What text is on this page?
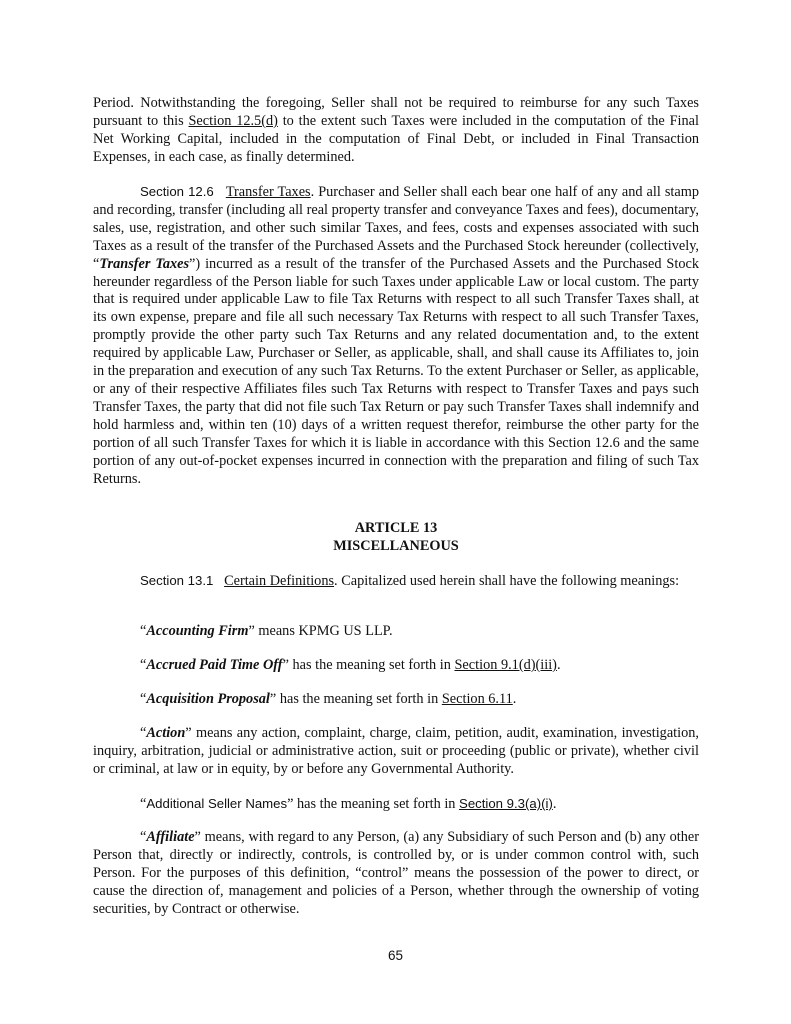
Period. Notwithstanding the foregoing, Seller shall not be required to reimburse for any such Taxes pursuant to this Section 12.5(d) to the extent such Taxes were included in the computation of the Final Net Working Capital, included in the computation of Final Debt, or included in Final Transaction Expenses, in each case, as finally determined.

Section 12.6 Transfer Taxes. Purchaser and Seller shall each bear one half of any and all stamp and recording, transfer (including all real property transfer and conveyance Taxes and fees), documentary, sales, use, registration, and other such similar Taxes, and fees, costs and expenses associated with such Taxes as a result of the transfer of the Purchased Assets and the Purchased Stock hereunder (collectively, “Transfer Taxes”) incurred as a result of the transfer of the Purchased Assets and the Purchased Stock hereunder regardless of the Person liable for such Taxes under applicable Law or local custom. The party that is required under applicable Law to file Tax Returns with respect to all such Transfer Taxes shall, at its own expense, prepare and file all such necessary Tax Returns with respect to all such Transfer Taxes, promptly provide the other party such Tax Returns and any related documentation and, to the extent required by applicable Law, Purchaser or Seller, as applicable, shall, and shall cause its Affiliates to, join in the preparation and execution of any such Tax Returns. To the extent Purchaser or Seller, as applicable, or any of their respective Affiliates files such Tax Returns with respect to Transfer Taxes and pays such Transfer Taxes, the party that did not file such Tax Return or pay such Transfer Taxes shall indemnify and hold harmless and, within ten (10) days of a written request therefor, reimburse the other party for the portion of all such Transfer Taxes for which it is liable in accordance with this Section 12.6 and the same portion of any out-of-pocket expenses incurred in connection with the preparation and filing of such Tax Returns.

ARTICLE 13
MISCELLANEOUS

Section 13.1 Certain Definitions. Capitalized used herein shall have the following meanings:

“Accounting Firm” means KPMG US LLP.

“Accrued Paid Time Off” has the meaning set forth in Section 9.1(d)(iii).

“Acquisition Proposal” has the meaning set forth in Section 6.11.

“Action” means any action, complaint, charge, claim, petition, audit, examination, investigation, inquiry, arbitration, judicial or administrative action, suit or proceeding (public or private), whether civil or criminal, at law or in equity, by or before any Governmental Authority.

“Additional Seller Names” has the meaning set forth in Section 9.3(a)(i).

“Affiliate” means, with regard to any Person, (a) any Subsidiary of such Person and (b) any other Person that, directly or indirectly, controls, is controlled by, or is under common control with, such Person. For the purposes of this definition, “control” means the possession of the power to direct, or cause the direction of, management and policies of a Person, whether through the ownership of voting securities, by Contract or otherwise.

65
